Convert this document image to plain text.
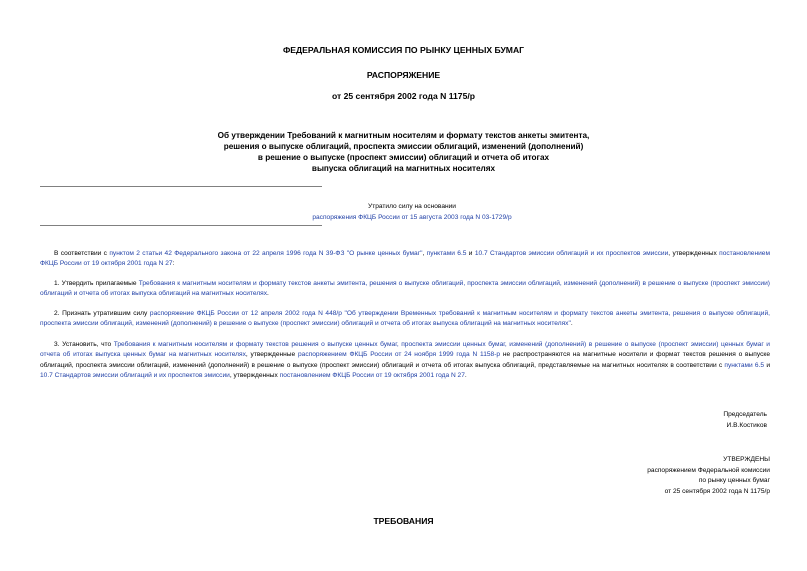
ФЕДЕРАЛЬНАЯ КОМИССИЯ ПО РЫНКУ ЦЕННЫХ БУМАГ
РАСПОРЯЖЕНИЕ
от 25 сентября 2002 года N 1175/р
Об утверждении Требований к магнитным носителям и формату текстов анкеты эмитента,
решения о выпуске облигаций, проспекта эмиссии облигаций, изменений (дополнений)
в решение о выпуске (проспект эмиссии) облигаций и отчета об итогах
выпуска облигаций на магнитных носителях
Утратило силу на основании
распоряжения ФКЦБ России от 15 августа 2003 года N 03-1729/р
В соответствии с пунктом 2 статьи 42 Федерального закона от 22 апреля 1996 года N 39-ФЗ "О рынке ценных бумаг", пунктами 6.5 и 10.7 Стандартов эмиссии облигаций и их проспектов эмиссии, утвержденных постановлением ФКЦБ России от 19 октября 2001 года N 27:
1. Утвердить прилагаемые Требования к магнитным носителям и формату текстов анкеты эмитента, решения о выпуске облигаций, проспекта эмиссии облигаций, изменений (дополнений) в решение о выпуске (проспект эмиссии) облигаций и отчета об итогах выпуска облигаций на магнитных носителях.
2. Признать утратившим силу распоряжение ФКЦБ России от 12 апреля 2002 года N 448/р "Об утверждении Временных требований к магнитным носителям и формату текстов анкеты эмитента, решения о выпуске облигаций, проспекта эмиссии облигаций, изменений (дополнений) в решение о выпуске (проспект эмиссии) облигаций и отчета об итогах выпуска облигаций на магнитных носителях".
3. Установить, что Требования к магнитным носителям и формату текстов решения о выпуске ценных бумаг, проспекта эмиссии ценных бумаг, изменений (дополнений) в решение о выпуске (проспект эмиссии) ценных бумаг и отчета об итогах выпуска ценных бумаг на магнитных носителях, утвержденные распоряжением ФКЦБ России от 24 ноября 1999 года N 1158-р не распространяются на магнитные носители и формат текстов решения о выпуске облигаций, проспекта эмиссии облигаций, изменений (дополнений) в решение о выпуске (проспект эмиссии) облигаций и отчета об итогах выпуска облигаций, представляемые на магнитных носителях в соответствии с пунктами 6.5 и 10.7 Стандартов эмиссии облигаций и их проспектов эмиссии, утвержденных постановлением ФКЦБ России от 19 октября 2001 года N 27.
Председатель
И.В.Костиков
УТВЕРЖДЕНЫ
распоряжением Федеральной комиссии
по рынку ценных бумаг
от 25 сентября 2002 года N 1175/р
ТРЕБОВАНИЯ
